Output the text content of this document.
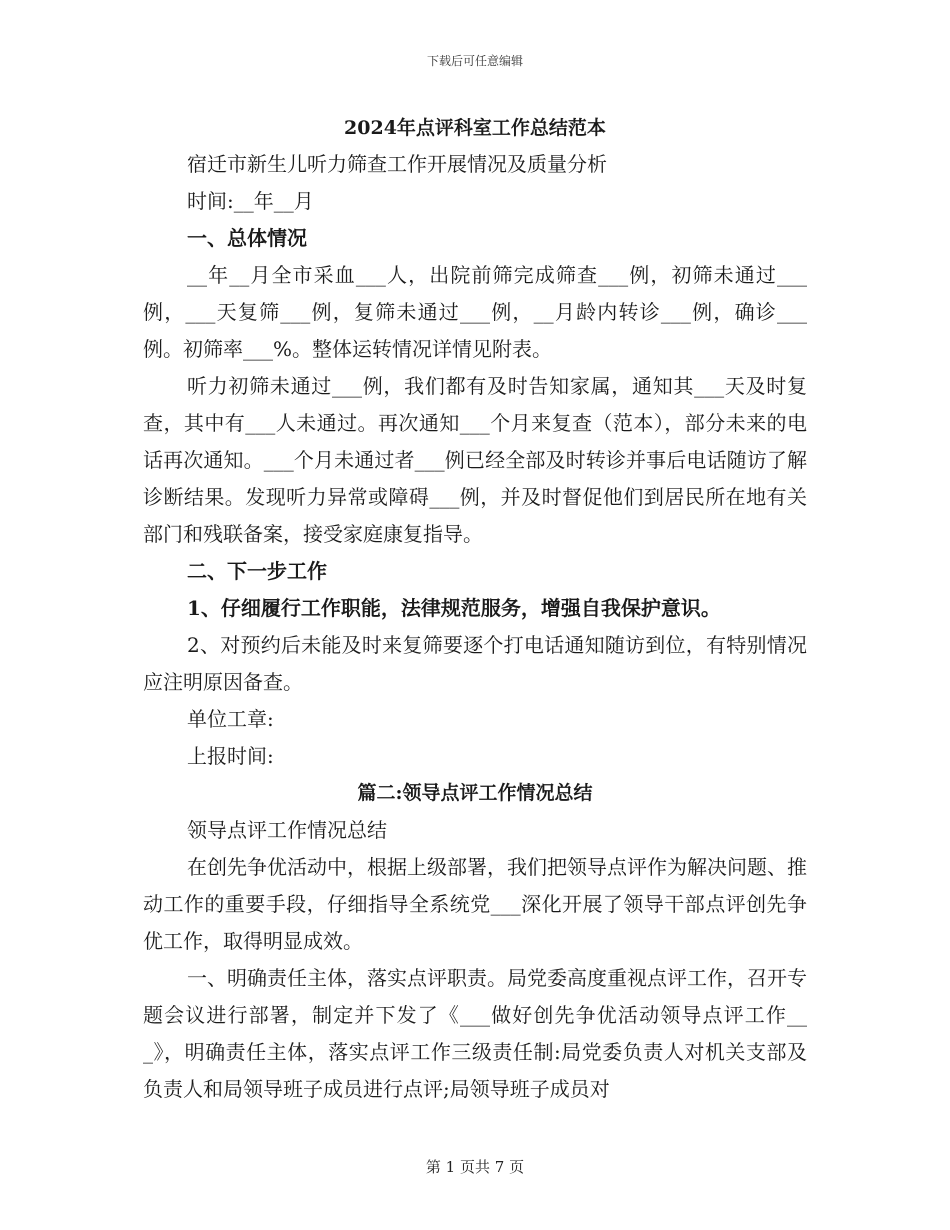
下载后可任意编辑

2024年点评科室工作总结范本

宿迁市新生儿听力筛查工作开展情况及质量分析

时间:__年__月

一、总体情况

__年__月全市采血___人，出院前筛完成筛查___例，初筛未通过___例，___天复筛___例，复筛未通过___例，__月龄内转诊___例，确诊___例。初筛率___%。整体运转情况详情见附表。

听力初筛未通过___例，我们都有及时告知家属，通知其___天及时复查，其中有___人未通过。再次通知___个月来复查（范本），部分未来的电话再次通知。___个月未通过者___例已经全部及时转诊并事后电话随访了解诊断结果。发现听力异常或障碍___例，并及时督促他们到居民所在地有关部门和残联备案，接受家庭康复指导。

二、下一步工作

1、仔细履行工作职能，法律规范服务，增强自我保护意识。

2、对预约后未能及时来复筛要逐个打电话通知随访到位，有特别情况应注明原因备查。

单位工章:

上报时间:

篇二:领导点评工作情况总结

领导点评工作情况总结

在创先争优活动中，根据上级部署，我们把领导点评作为解决问题、推动工作的重要手段，仔细指导全系统党___深化开展了领导干部点评创先争优工作，取得明显成效。

一、明确责任主体，落实点评职责。局党委高度重视点评工作，召开专题会议进行部署，制定并下发了《___做好创先争优活动领导点评工作___》，明确责任主体，落实点评工作三级责任制:局党委负责人对机关支部及负责人和局领导班子成员进行点评;局领导班子成员对

第 1 页共 7 页
